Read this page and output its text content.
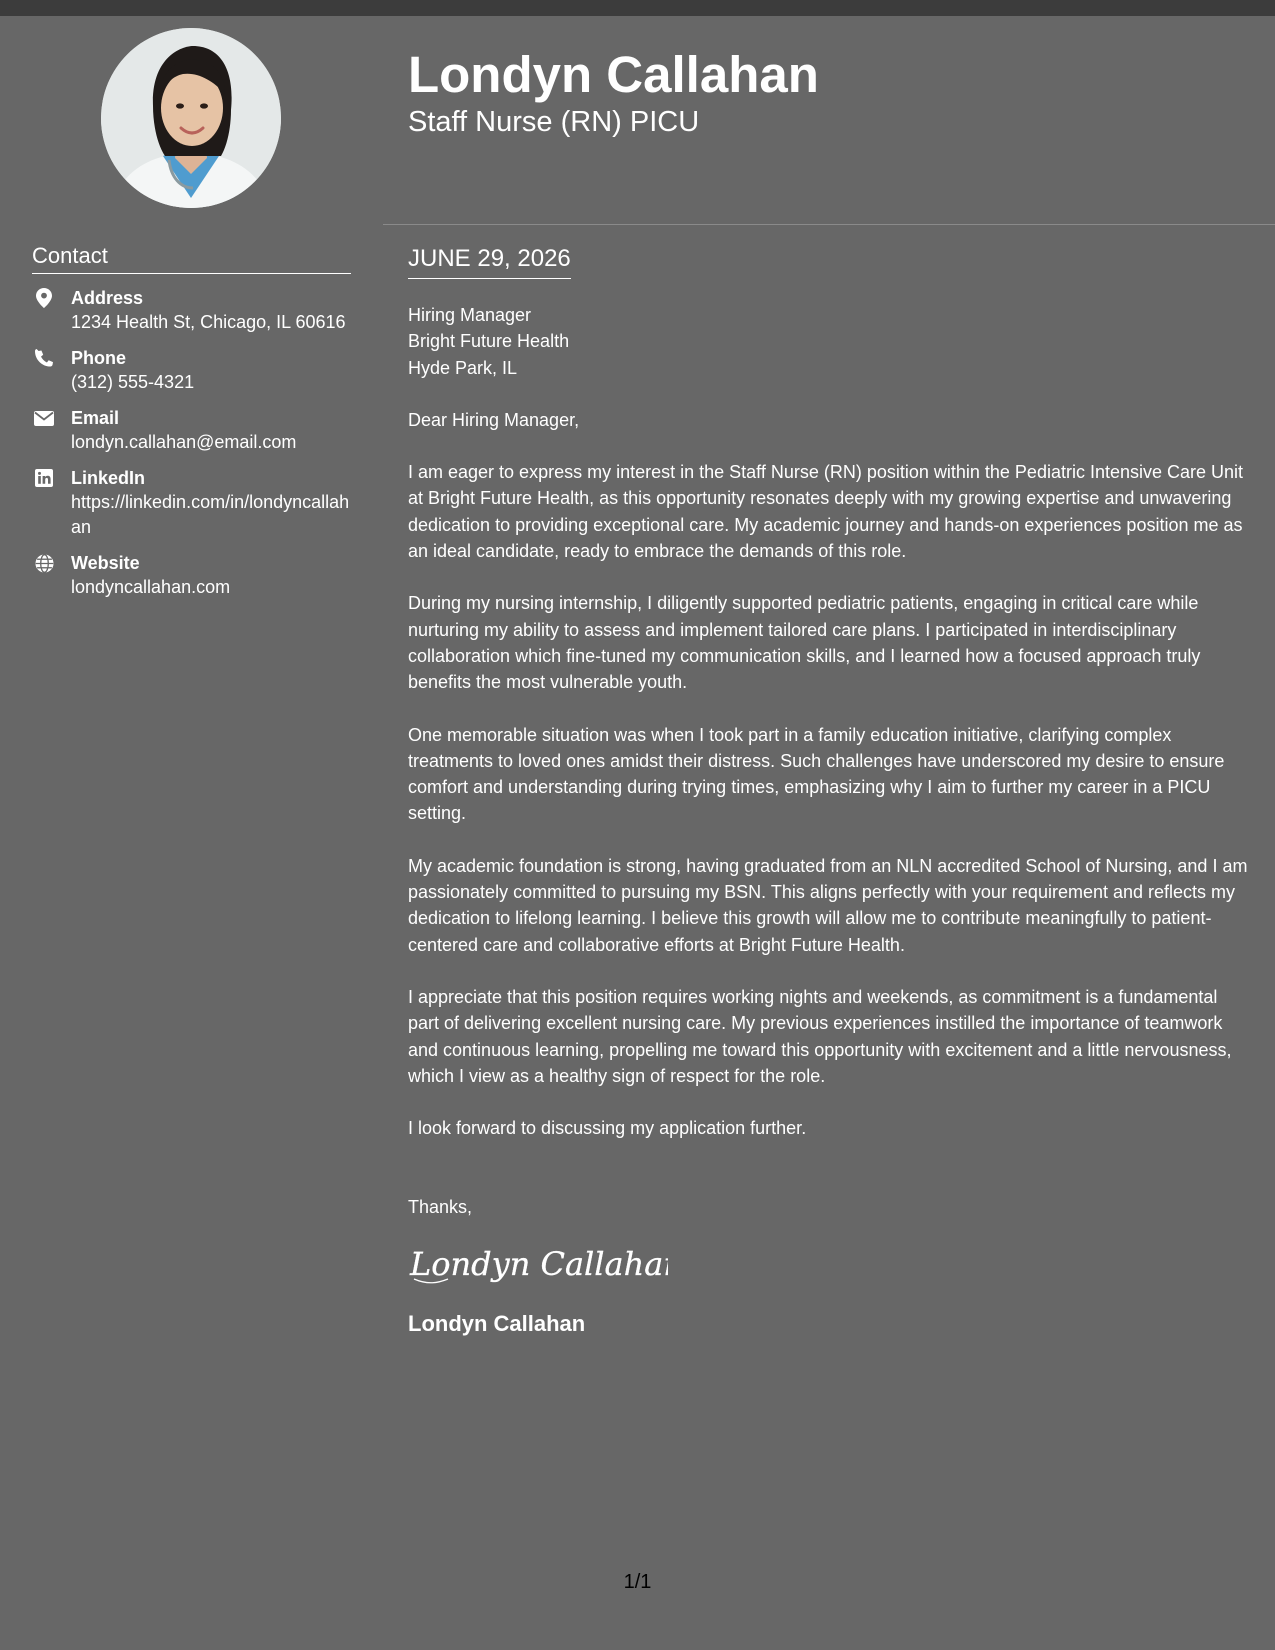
Contact
Address
1234 Health St, Chicago, IL 60616
Phone
(312) 555-4321
Email
londyn.callahan@email.com
LinkedIn
https://linkedin.com/in/londyncallahan
Website
londyncallahan.com
Londyn Callahan
Staff Nurse (RN) PICU
JUNE 29, 2026
Hiring Manager
Bright Future Health
Hyde Park, IL
Dear Hiring Manager,
I am eager to express my interest in the Staff Nurse (RN) position within the Pediatric Intensive Care Unit at Bright Future Health, as this opportunity resonates deeply with my growing expertise and unwavering dedication to providing exceptional care. My academic journey and hands-on experiences position me as an ideal candidate, ready to embrace the demands of this role.
During my nursing internship, I diligently supported pediatric patients, engaging in critical care while nurturing my ability to assess and implement tailored care plans. I participated in interdisciplinary collaboration which fine-tuned my communication skills, and I learned how a focused approach truly benefits the most vulnerable youth.
One memorable situation was when I took part in a family education initiative, clarifying complex treatments to loved ones amidst their distress. Such challenges have underscored my desire to ensure comfort and understanding during trying times, emphasizing why I aim to further my career in a PICU setting.
My academic foundation is strong, having graduated from an NLN accredited School of Nursing, and I am passionately committed to pursuing my BSN. This aligns perfectly with your requirement and reflects my dedication to lifelong learning. I believe this growth will allow me to contribute meaningfully to patient-centered care and collaborative efforts at Bright Future Health.
I appreciate that this position requires working nights and weekends, as commitment is a fundamental part of delivering excellent nursing care. My previous experiences instilled the importance of teamwork and continuous learning, propelling me toward this opportunity with excitement and a little nervousness, which I view as a healthy sign of respect for the role.
I look forward to discussing my application further.
Thanks,
Londyn Callahan
Londyn Callahan
1/1
